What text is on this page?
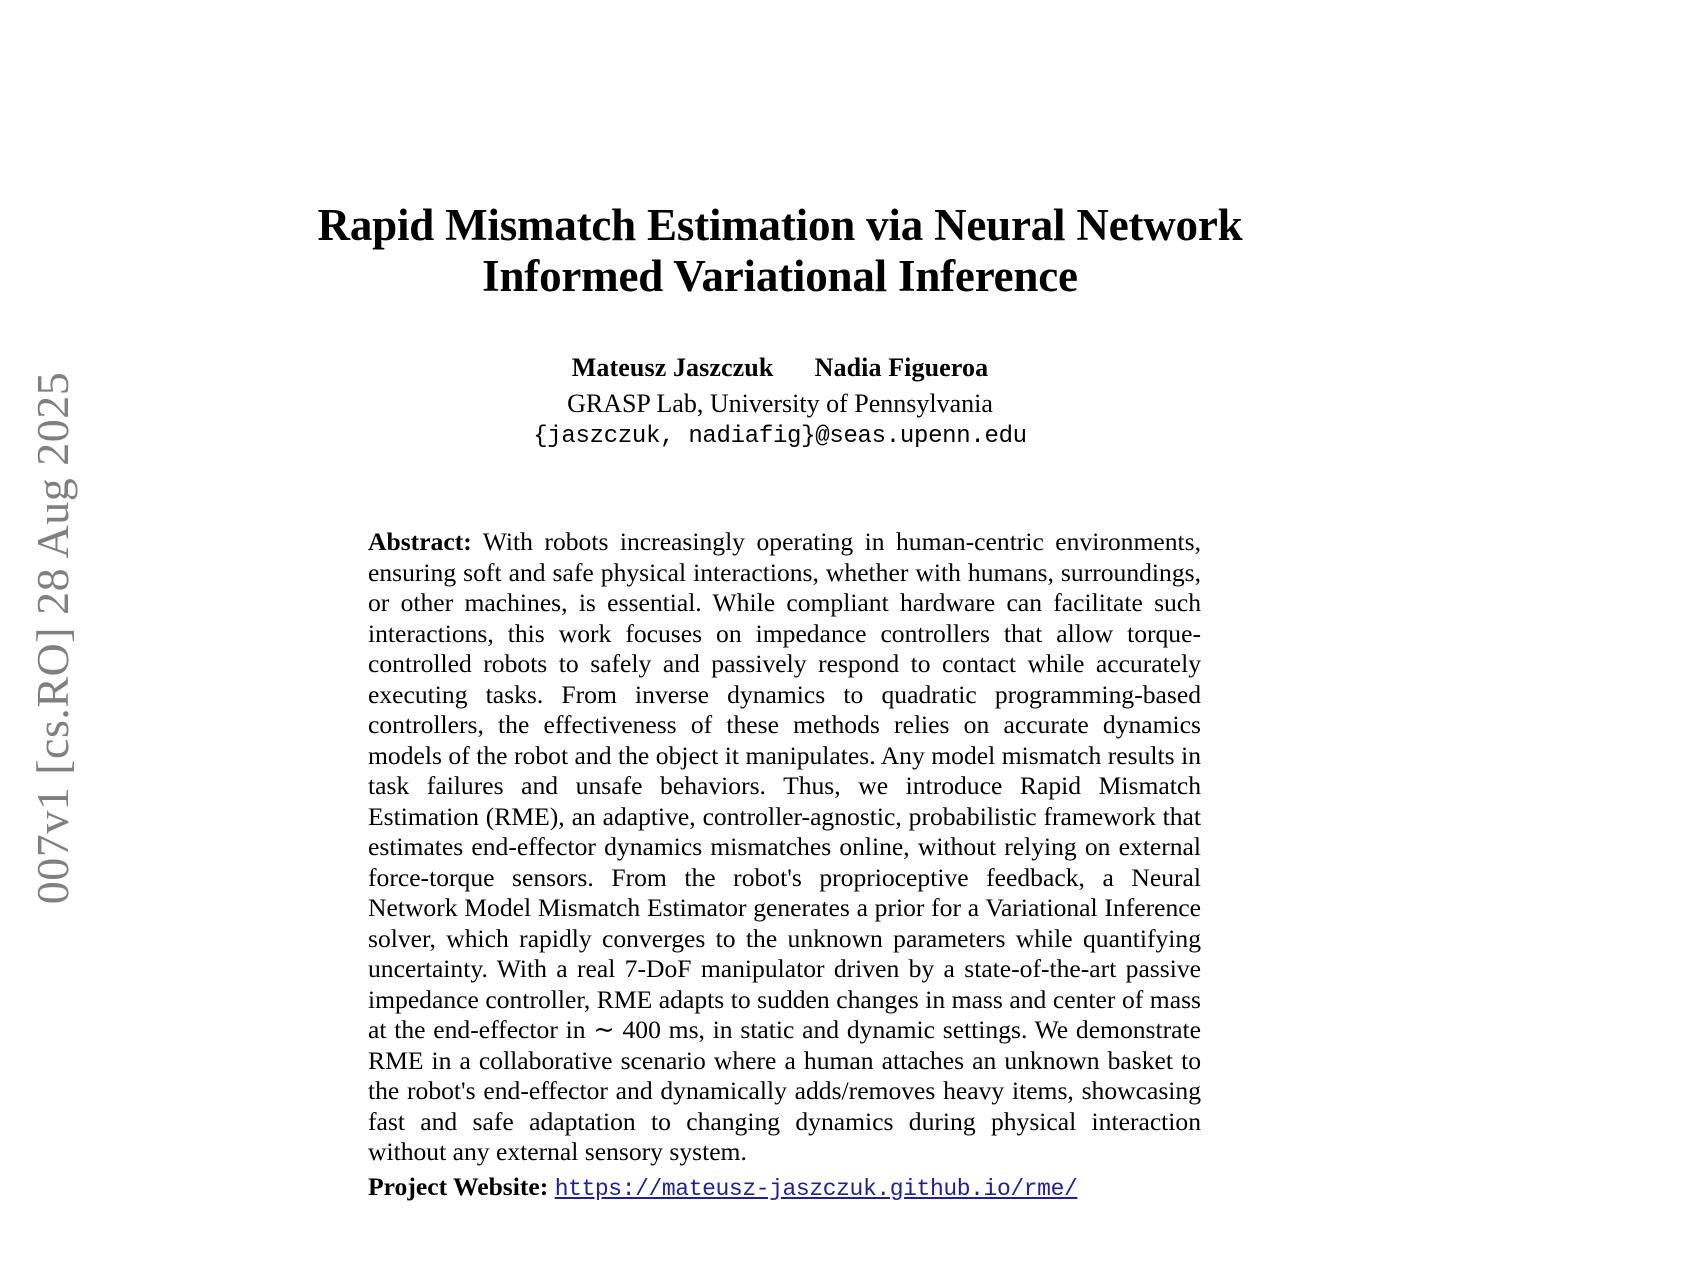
007v1 [cs.RO] 28 Aug 2025
Rapid Mismatch Estimation via Neural Network Informed Variational Inference
Mateusz Jaszczuk Nadia Figueroa
GRASP Lab, University of Pennsylvania
{jaszczuk, nadiafig}@seas.upenn.edu

Abstract: With robots increasingly operating in human-centric environments, ensuring soft and safe physical interactions, whether with humans, surroundings, or other machines, is essential. While compliant hardware can facilitate such interactions, this work focuses on impedance controllers that allow torque-controlled robots to safely and passively respond to contact while accurately executing tasks. From inverse dynamics to quadratic programming-based controllers, the effectiveness of these methods relies on accurate dynamics models of the robot and the object it manipulates. Any model mismatch results in task failures and unsafe behaviors. Thus, we introduce Rapid Mismatch Estimation (RME), an adaptive, controller-agnostic, probabilistic framework that estimates end-effector dynamics mismatches online, without relying on external force-torque sensors. From the robot's proprioceptive feedback, a Neural Network Model Mismatch Estimator generates a prior for a Variational Inference solver, which rapidly converges to the unknown parameters while quantifying uncertainty. With a real 7-DoF manipulator driven by a state-of-the-art passive impedance controller, RME adapts to sudden changes in mass and center of mass at the end-effector in ∼ 400 ms, in static and dynamic settings. We demonstrate RME in a collaborative scenario where a human attaches an unknown basket to the robot's end-effector and dynamically adds/removes heavy items, showcasing fast and safe adaptation to changing dynamics during physical interaction without any external sensory system.

Project Website: https://mateusz-jaszczuk.github.io/rme/
